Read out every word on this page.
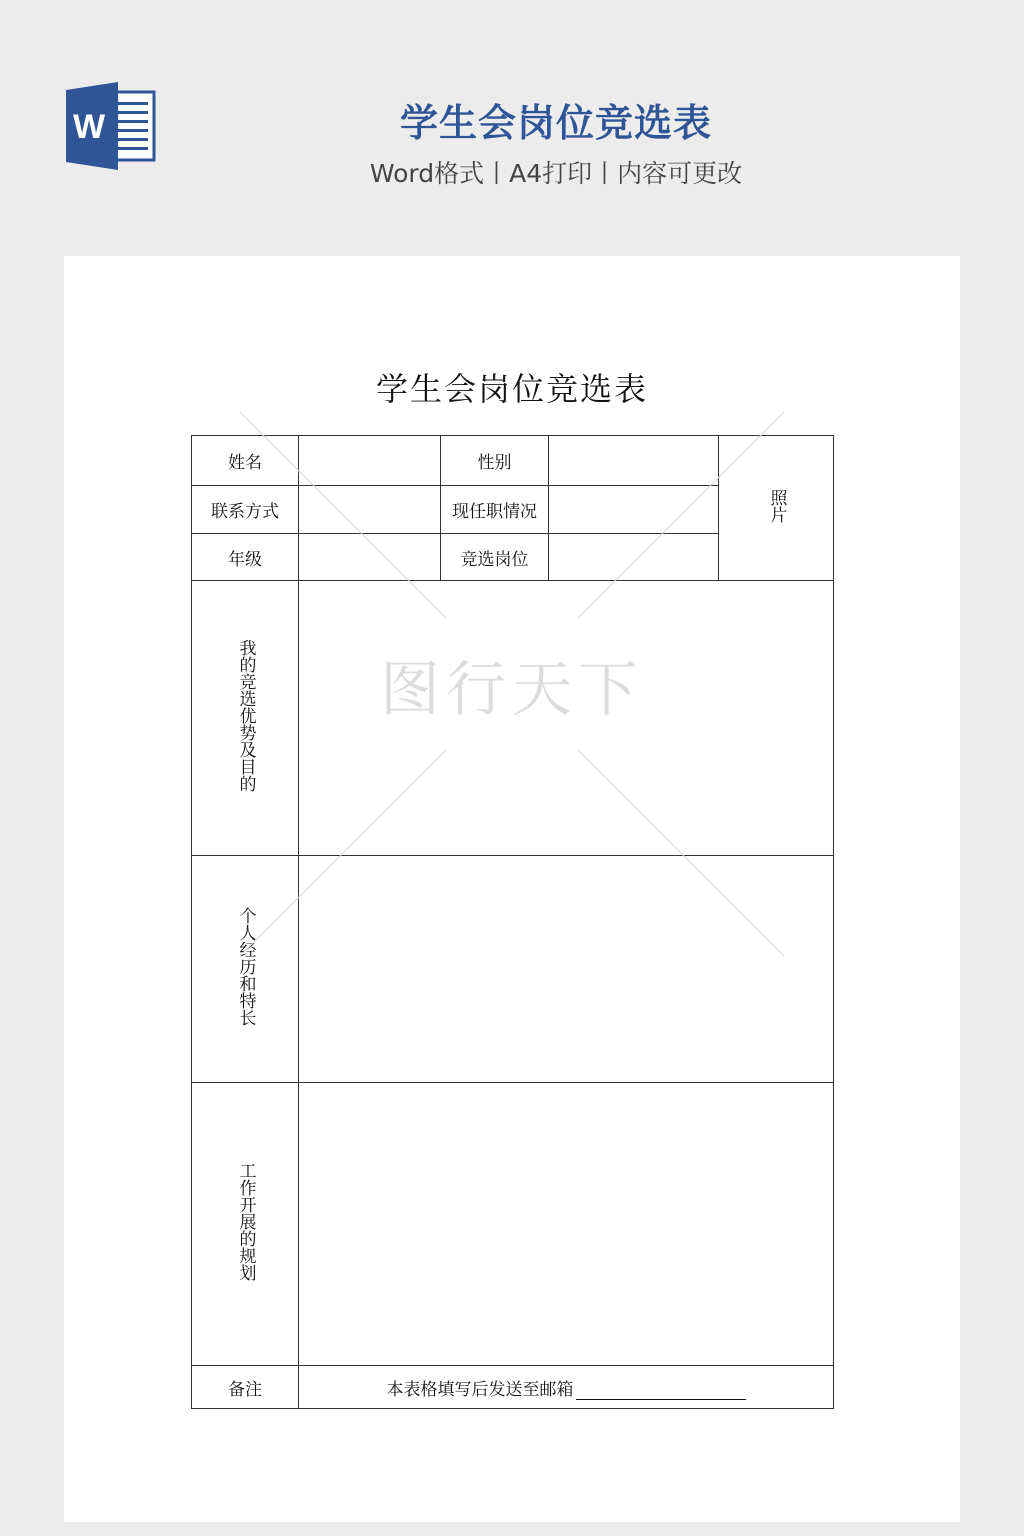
W	学生会岗位竞选表
Word格式丨A4打印丨内容可更改
学生会岗位竞选表
姓名		性别		照片
联系方式		现任职情况		
年级		竞选岗位		
我的竞选优势及目的				
个人经历和特长				
工作开展的规划				
备注	本表格填写后发送至邮箱			
图行天下
